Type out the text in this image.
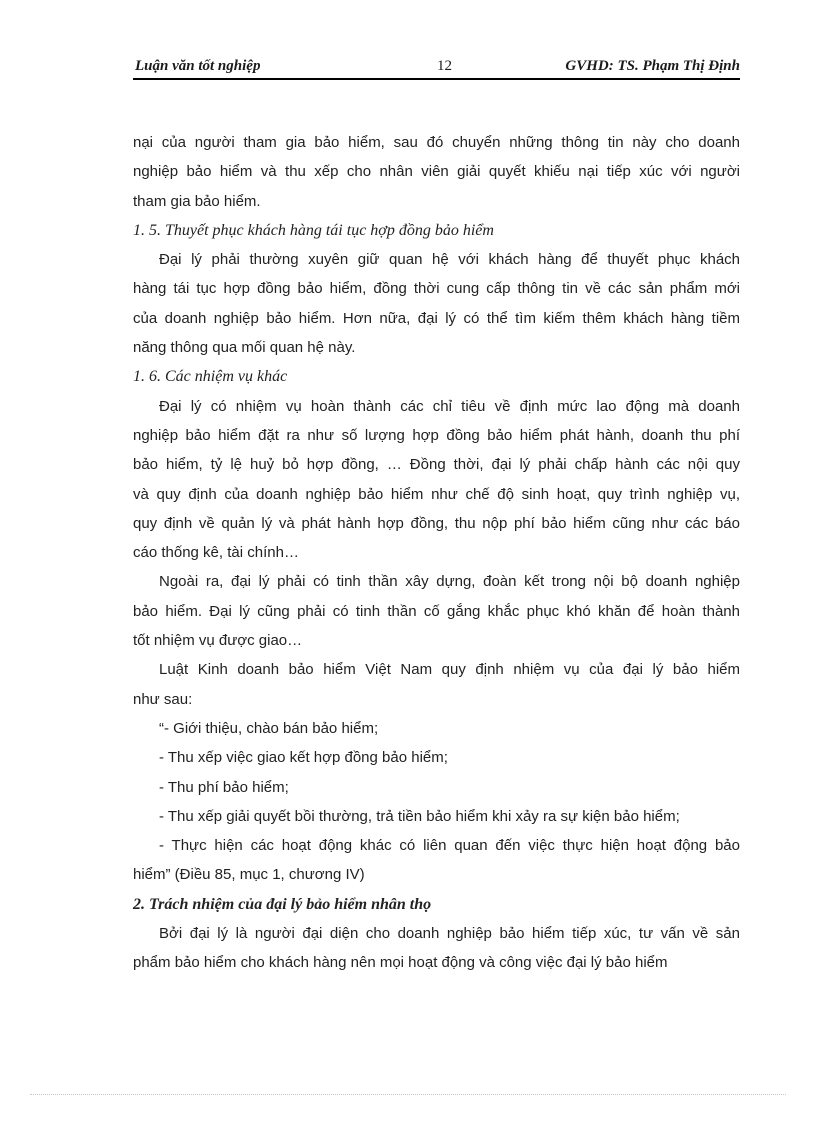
Luận văn tốt nghiệp	12	GVHD: TS. Phạm Thị Định
nại của người tham gia bảo hiểm, sau đó chuyển những thông tin này cho doanh
nghiệp bảo hiểm và thu xếp cho nhân viên giải quyết khiếu nại tiếp xúc với người
tham gia bảo hiểm.
1. 5. Thuyết phục khách hàng tái tục hợp đồng bảo hiểm
Đại lý phải thường xuyên giữ quan hệ với khách hàng để thuyết phục khách
hàng tái tục hợp đồng bảo hiểm, đồng thời cung cấp thông tin về các sản phẩm mới
của doanh nghiệp bảo hiểm. Hơn nữa, đại lý có thể tìm kiếm thêm khách hàng tiềm
năng thông qua mối quan hệ này.
1. 6. Các nhiệm vụ khác
Đại lý có nhiệm vụ hoàn thành các chỉ tiêu về định mức lao động mà doanh
nghiệp bảo hiểm đặt ra như số lượng hợp đồng bảo hiểm phát hành, doanh thu phí
bảo hiểm, tỷ lệ huỷ bỏ hợp đồng, … Đồng thời, đại lý phải chấp hành các nội quy
và quy định của doanh nghiệp bảo hiểm như chế độ sinh hoạt, quy trình nghiệp vụ,
quy định về quản lý và phát hành hợp đồng, thu nộp phí bảo hiểm cũng như các báo
cáo thống kê, tài chính…
Ngoài ra, đại lý phải có tinh thần xây dựng, đoàn kết trong nội bộ doanh nghiệp
bảo hiểm. Đại lý cũng phải có tinh thần cố gắng khắc phục khó khăn để hoàn thành
tốt nhiệm vụ được giao…
Luật Kinh doanh bảo hiểm Việt Nam quy định nhiệm vụ của đại lý bảo hiểm
như sau:
“- Giới thiệu, chào bán bảo hiểm;
- Thu xếp việc giao kết hợp đồng bảo hiểm;
- Thu phí bảo hiểm;
- Thu xếp giải quyết bồi thường, trả tiền bảo hiểm khi xảy ra sự kiện bảo hiểm;
- Thực hiện các hoạt động khác có liên quan đến việc thực hiện hoạt động bảo
hiểm” (Điều 85, mục 1, chương IV)
2. Trách nhiệm của đại lý bảo hiểm nhân thọ
Bởi đại lý là người đại diện cho doanh nghiệp bảo hiểm tiếp xúc, tư vấn về sản
phẩm bảo hiểm cho khách hàng nên mọi hoạt động và công việc đại lý bảo hiểm
